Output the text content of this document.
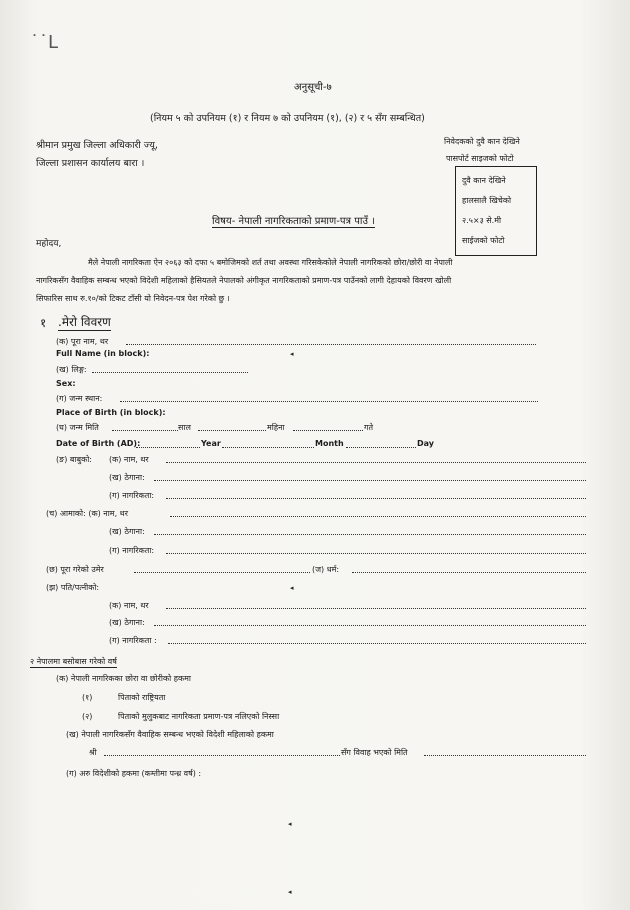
˙˙ᒪ
अनुसूची-७
(नियम ५ को उपनियम (१) र नियम ७ को उपनियम (१), (२) र ५ सँग सम्बन्धित)
श्रीमान प्रमुख जिल्ला अधिकारी ज्यू,
जिल्ला प्रशासन कार्यालय बारा ।
निवेदकको दुवै कान देखिने
पासपोर्ट साइजको फोटो
दुवै कान देखिने
हालसालै खिचेको
२.५×३ से.मी
साईजको फोटो
विषय- नेपाली नागरिकताको प्रमाण-पत्र पाउँ ।
महोदय,
मैले नेपाली नागरिकता ऐन २०६३ को दफा ५ बमोजिमको शर्त तथा अवस्था गरिसकेकोले नेपाली नागरिकको छोरा/छोरी वा नेपाली
नागरिकसँग वैवाहिक सम्बन्ध भएको विदेशी महिलाको हैसियतले नेपालको अंगीकृत नागरिकताको प्रमाण-पत्र पाउँनको लागी देहायको विवरण खोली
सिफारिस साथ रु.१०/को टिकट टाँसी यो निवेदन-पत्र पेश गरेको छु ।
१ .मेरो विवरण
(क) पूरा नाम, थर
Full Name (in block):	◂
(ख) लिङ्ग:
Sex:
(ग) जन्म स्थान:
Place of Birth (in block):
(घ) जन्म मिति	साल	महिना	गते
Date of Birth (AD):	Year	Month	Day
(ङ) बाबुको: (क) नाम, थर
(ख) ठेगाना:
(ग) नागरिकता:
(च) आमाको: (क) नाम, थर
(ख) ठेगाना:
(ग) नागरिकता:
(छ) पूरा गरेको उमेर	(ज) धर्म:
(झ) पति/पत्नीको:	◂
(क) नाम, थर
(ख) ठेगाना:
(ग) नागरिकता :
२ नेपालमा बसोबास गरेको वर्ष
(क) नेपाली नागरिकका छोरा वा छोरीको हकमा
(१)	पिताको राष्ट्रियता
(२)	पिताको मुलुकबाट नागरिकता प्रमाण-पत्र नलिएको निस्सा
(ख) नेपाली नागरिकसँग वैवाहिक सम्बन्ध भएको विदेशी महिलाको हकमा
श्री	सँग विवाह भएको मिति
(ग) अरु विदेशीको हकमा (कम्तीमा पन्ध्र वर्ष) :
◂
◂
